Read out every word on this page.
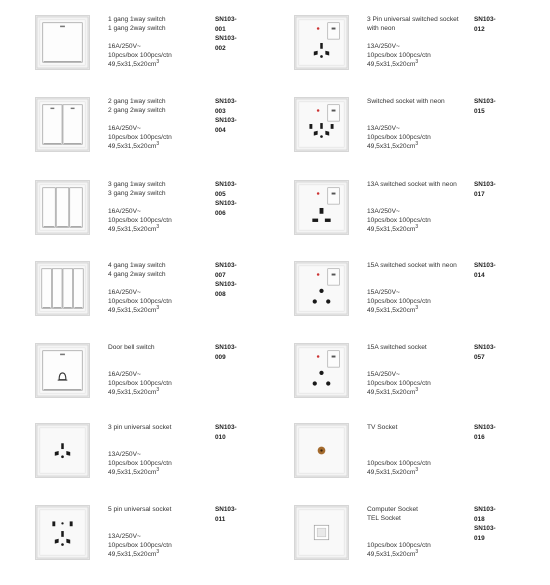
1 gang 1way switch
1 gang 2way switch
16A/250V~
10pcs/box 100pcs/ctn
$49,5x31,5x20cm^3$
SN103-001
SN103-002
2 gang 1way switch
2 gang 2way switch
16A/250V~
10pcs/box 100pcs/ctn
$49,5x31,5x20cm^3$
SN103-003
SN103-004
3 gang 1way switch
3 gang 2way switch
16A/250V~
10pcs/box 100pcs/ctn
$49,5x31,5x20cm^3$
SN103-005
SN103-006
4 gang 1way switch
4 gang 2way switch
16A/250V~
10pcs/box 100pcs/ctn
$49,5x31,5x20cm^3$
SN103-007
SN103-008
Door bell switch
16A/250V~
10pcs/box 100pcs/ctn
$49,5x31,5x20cm^3$
SN103-009
3 pin universal socket
13A/250V~
10pcs/box 100pcs/ctn
$49,5x31,5x20cm^3$
SN103-010
5 pin universal socket
13A/250V~
10pcs/box 100pcs/ctn
$49,5x31,5x20cm^3$
SN103-011
3 Pin universal switched socket
with neon
13A/250V~
10pcs/box 100pcs/ctn
$49,5x31,5x20cm^3$
SN103-012
Switched socket with neon
13A/250V~
10pcs/box 100pcs/ctn
$49,5x31,5x20cm^3$
SN103-015
13A switched socket with neon
13A/250V~
10pcs/box 100pcs/ctn
$49,5x31,5x20cm^3$
SN103-017
15A switched socket with neon
15A/250V~
10pcs/box 100pcs/ctn
$49,5x31,5x20cm^3$
SN103-014
15A switched socket
15A/250V~
10pcs/box 100pcs/ctn
$49,5x31,5x20cm^3$
SN103-057
TV Socket
10pcs/box 100pcs/ctn
$49,5x31,5x20cm^3$
SN103-016
Computer Socket
TEL Socket
10pcs/box 100pcs/ctn
$49,5x31,5x20cm^3$
SN103-018
SN103-019
